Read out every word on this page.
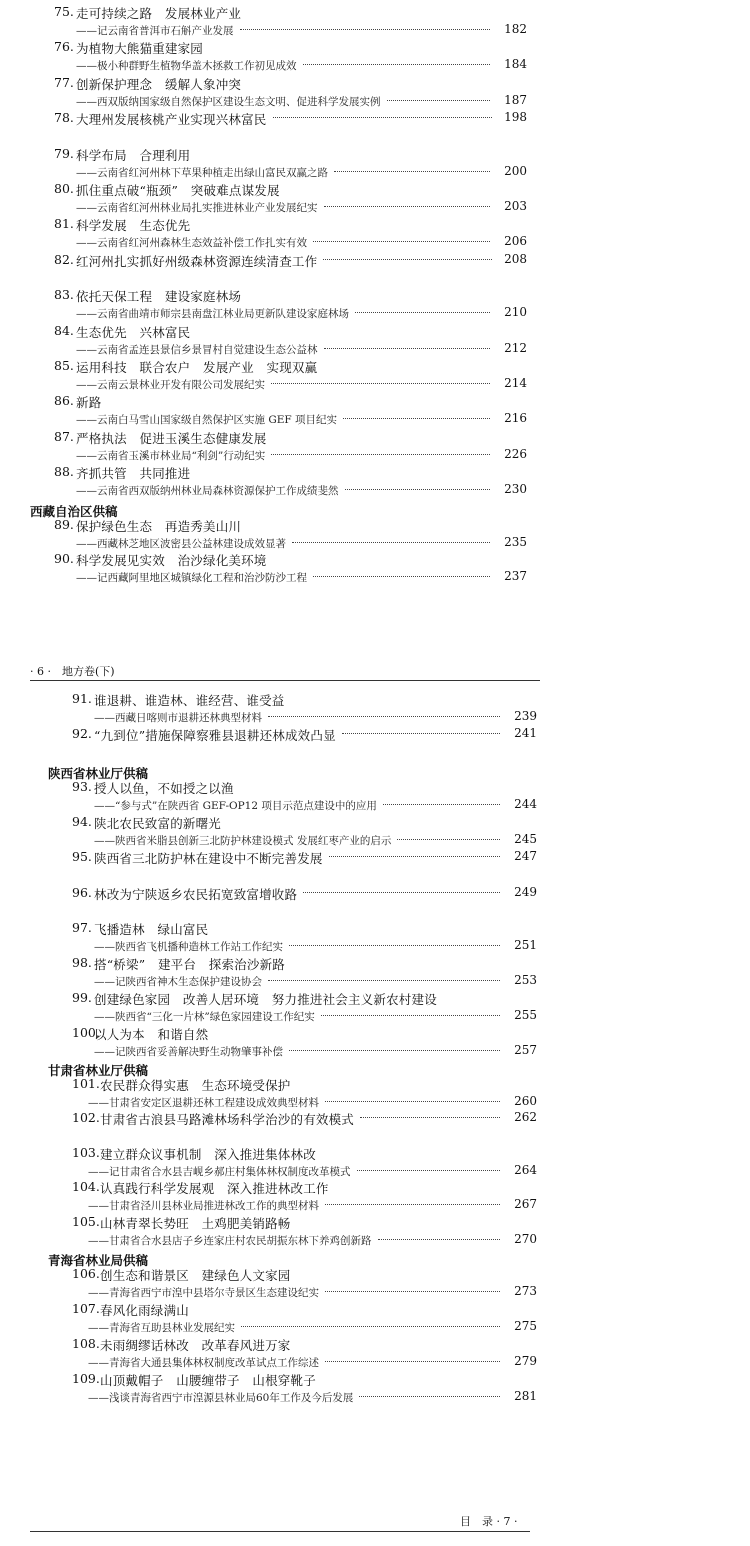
75. 走可持续之路　发展林业产业
——记云南省普洱市石斛产业发展	182
76. 为植物大熊猫重建家园
——极小种群野生植物华盖木拯救工作初见成效	184
77. 创新保护理念　缓解人象冲突
——西双版纳国家级自然保护区建设生态文明、促进科学发展实例	187
78. 大理州发展核桃产业实现兴林富民	198
79. 科学布局　合理利用
——云南省红河州林下草果种植走出绿山富民双赢之路	200
80. 抓住重点破“瓶颈”　突破难点谋发展
——云南省红河州林业局扎实推进林业产业发展纪实	203
81. 科学发展　生态优先
——云南省红河州森林生态效益补偿工作扎实有效	206
82. 红河州扎实抓好州级森林资源连续清查工作	208
83. 依托天保工程　建设家庭林场
——云南省曲靖市师宗县南盘江林业局更新队建设家庭林场	210
84. 生态优先　兴林富民
——云南省孟连县景信乡景冒村自觉建设生态公益林	212
85. 运用科技　联合农户　发展产业　实现双赢
——云南云景林业开发有限公司发展纪实	214
86. 新路
——云南白马雪山国家级自然保护区实施 GEF 项目纪实	216
87. 严格执法　促进玉溪生态健康发展
——云南省玉溪市林业局“利剑”行动纪实	226
88. 齐抓共管　共同推进
——云南省西双版纳州林业局森林资源保护工作成绩斐然	230
西藏自治区供稿
89. 保护绿色生态　再造秀美山川
——西藏林芝地区波密县公益林建设成效显著	235
90. 科学发展见实效　治沙绿化美环境
——记西藏阿里地区城镇绿化工程和治沙防沙工程	237
· 6 ·　地方卷(下)
91. 谁退耕、谁造林、谁经营、谁受益
——西藏日喀则市退耕还林典型材料	239
92. “九到位”措施保障察雅县退耕还林成效凸显	241
陕西省林业厅供稿
93. 授人以鱼，不如授之以渔
——“参与式”在陕西省 GEF-OP12 项目示范点建设中的应用	244
94. 陕北农民致富的新曙光
——陕西省米脂县创新三北防护林建设模式 发展红枣产业的启示	245
95. 陕西省三北防护林在建设中不断完善发展	247
96. 林改为宁陕返乡农民拓宽致富增收路	249
97. 飞播造林　绿山富民
——陕西省飞机播种造林工作站工作纪实	251
98. 搭“桥梁”　建平台　探索治沙新路
——记陕西省神木生态保护建设协会	253
99. 创建绿色家园　改善人居环境　努力推进社会主义新农村建设
——陕西省“三化一片林”绿色家园建设工作纪实	255
100.
以人为本　和谐自然
——记陕西省妥善解决野生动物肇事补偿	257
甘肃省林业厅供稿
101. 农民群众得实惠　生态环境受保护
——甘肃省安定区退耕还林工程建设成效典型材料	260
102. 甘肃省古浪县马路滩林场科学治沙的有效模式	262
103. 建立群众议事机制　深入推进集体林改
——记甘肃省合水县吉岘乡郝庄村集体林权制度改革模式	264
104. 认真践行科学发展观　深入推进林改工作
——甘肃省泾川县林业局推进林改工作的典型材料	267
105. 山林青翠长势旺　土鸡肥美销路畅
——甘肃省合水县店子乡连家庄村农民胡振东林下养鸡创新路	270
青海省林业局供稿
106. 创生态和谐景区　建绿色人文家园
——青海省西宁市湟中县塔尔寺景区生态建设纪实	273
107. 春风化雨绿满山
——青海省互助县林业发展纪实	275
108. 未雨绸缪话林改　改革春风进万家
——青海省大通县集体林权制度改革试点工作综述	279
109. 山顶戴帽子　山腰缠带子　山根穿靴子
——浅谈青海省西宁市湟源县林业局60年工作及今后发展	281
目　录 · 7 ·
